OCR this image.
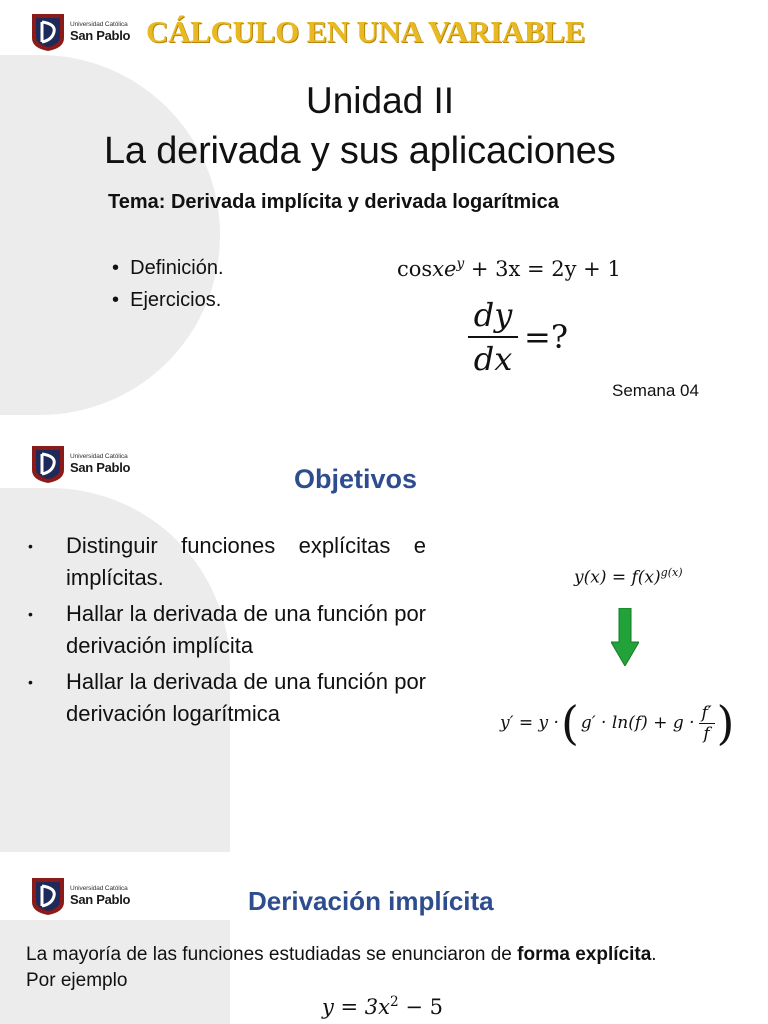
Universidad Católica
San Pablo CÁLCULO EN UNA VARIABLE
Unidad II
La derivada y sus aplicaciones
Tema: Derivada implícita y derivada logarítmica
•  Definición.
•  Ejercicios.
cosxe$^y$ + 3x = 2y + 1
dy
dx
=?
Semana 04
Universidad Católica
San Pablo	Objetivos
•	Distinguir funciones explícitas e implícitas.
•	Hallar la derivada de una función por derivación implícita
•	Hallar la derivada de una función por derivación logarítmica
$y(x) = f(x)^{g(x)}$
y′ = y · ( g′ · ln(f) + g ·
f′
f )
Universidad Católica
San Pablo	Derivación implícita
La mayoría de las funciones estudiadas se enunciaron de forma explícita.
Por ejemplo
$y = 3x^2 - 5$
